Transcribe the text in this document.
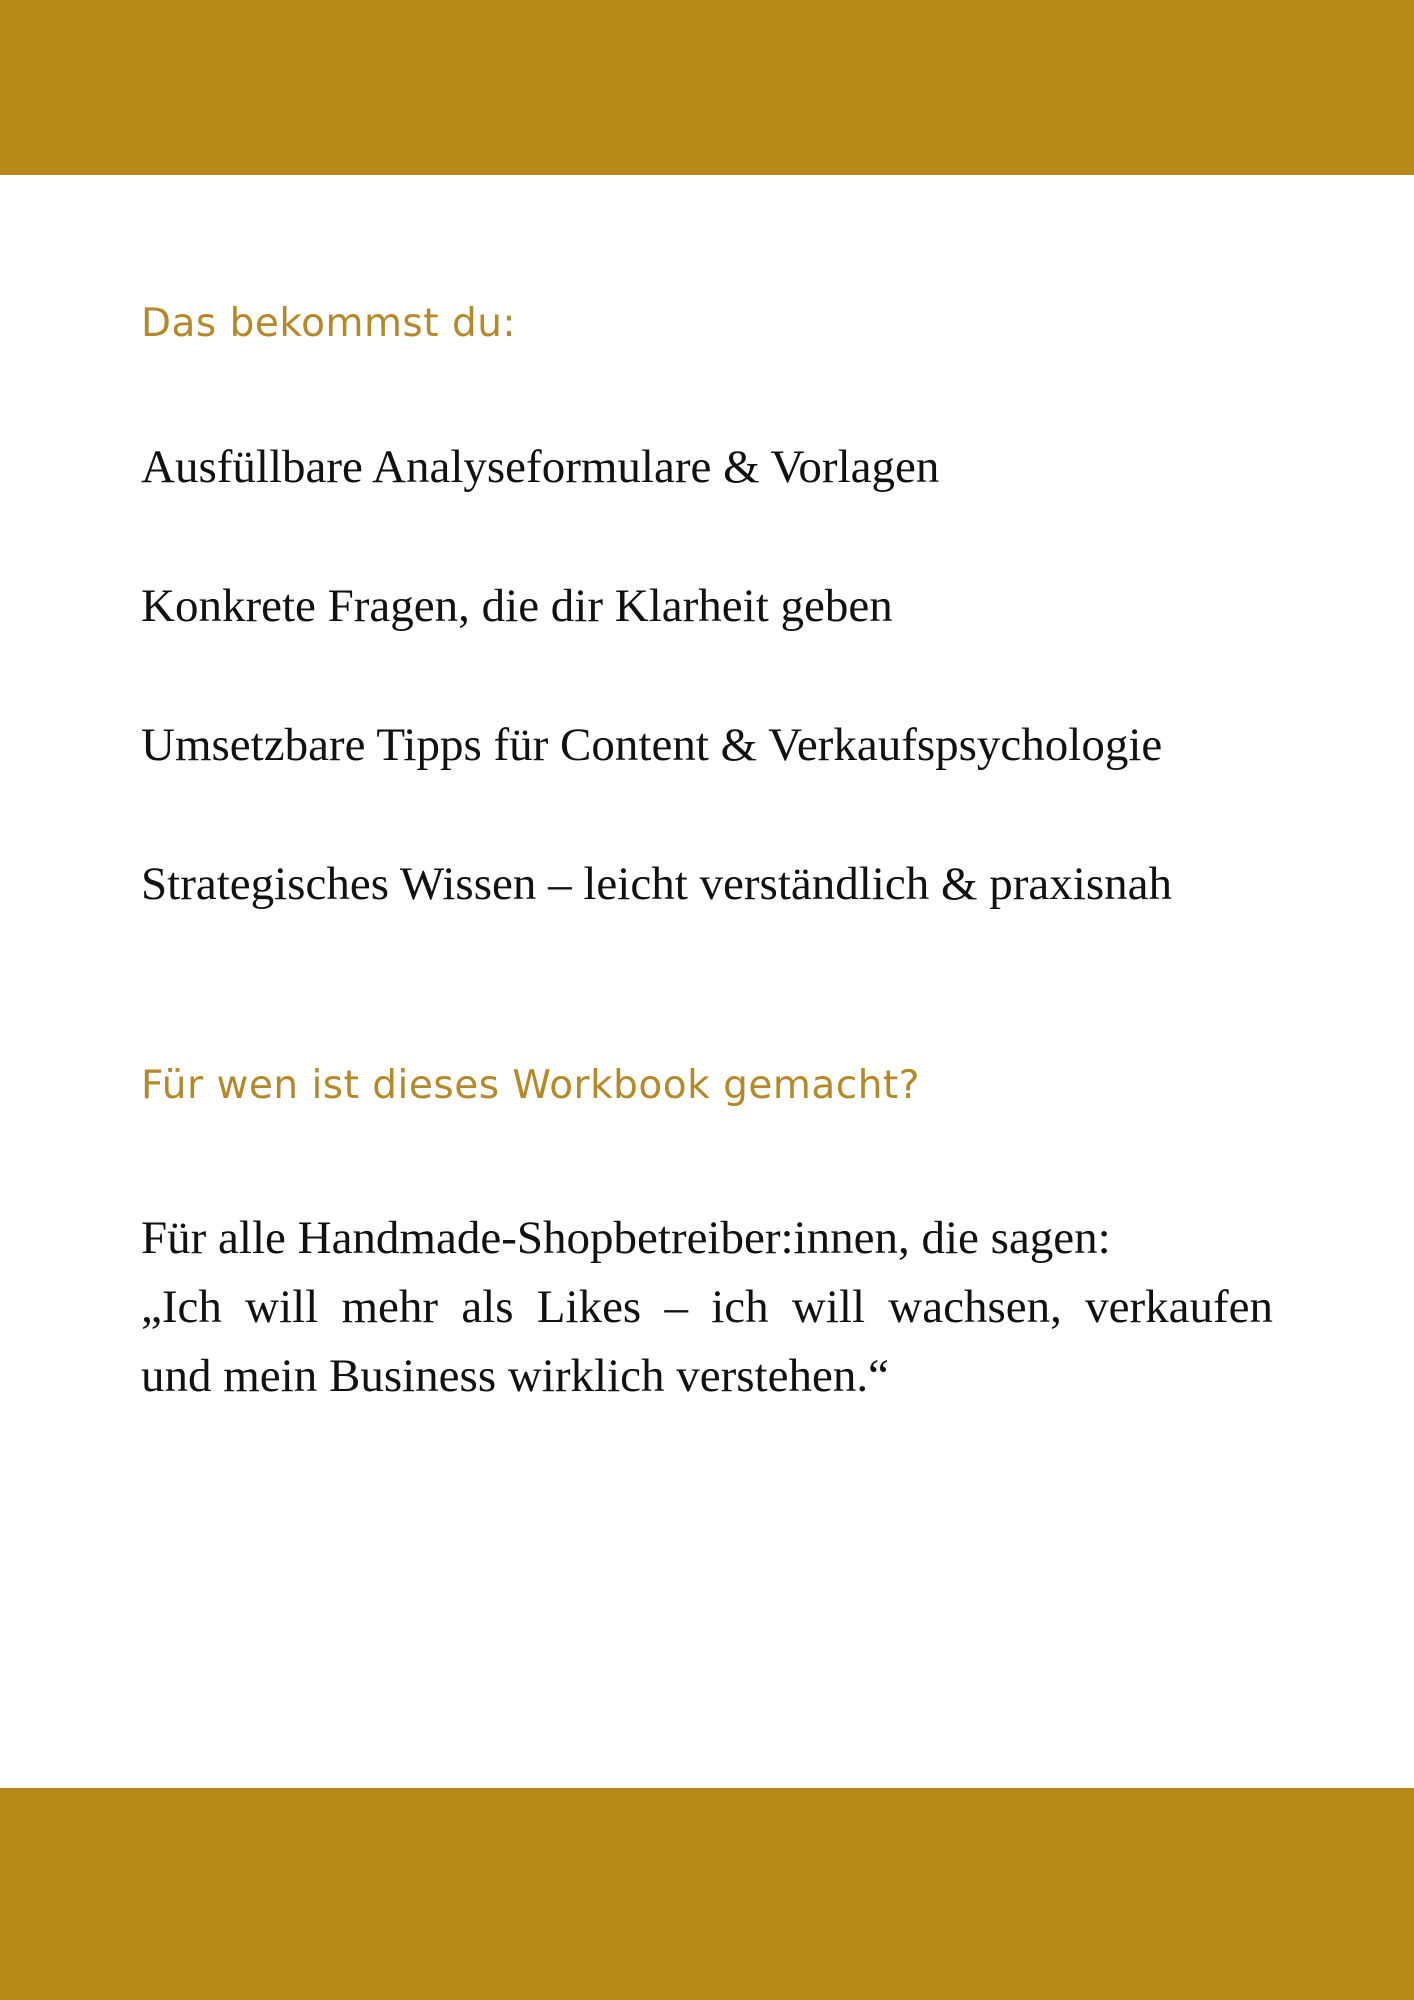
Das bekommst du:

Ausfüllbare Analyseformulare & Vorlagen

Konkrete Fragen, die dir Klarheit geben

Umsetzbare Tipps für Content & Verkaufspsychologie

Strategisches Wissen – leicht verständlich & praxisnah

Für wen ist dieses Workbook gemacht?

Für alle Handmade-Shopbetreiber:innen, die sagen:
„Ich will mehr als Likes – ich will wachsen, verkaufen
und mein Business wirklich verstehen.“
